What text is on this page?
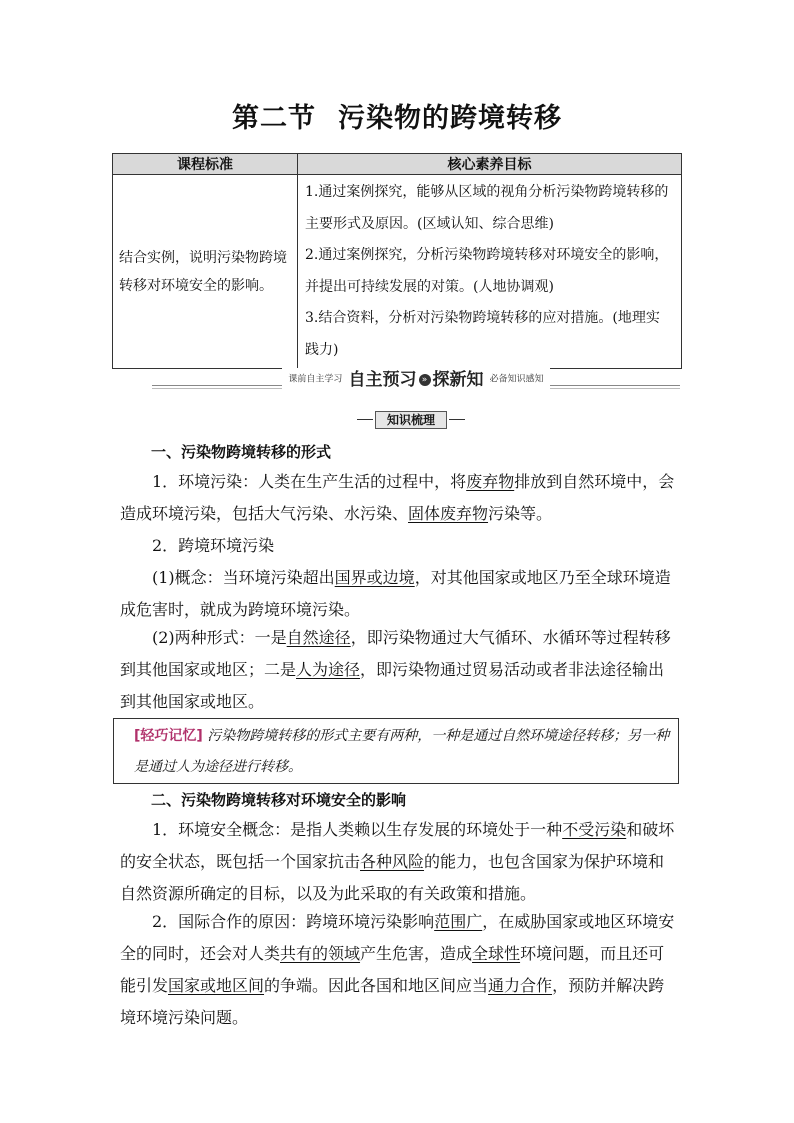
第二节 污染物的跨境转移
课程标准	核心素养目标
结合实例，说明污染物跨境转移对环境安全的影响。	1.通过案例探究，能够从区域的视角分析污染物跨境转移的主要形式及原因。(区域认知、综合思维)
2.通过案例探究，分析污染物跨境转移对环境安全的影响，并提出可持续发展的对策。(人地协调观)
3.结合资料，分析对污染物跨境转移的应对措施。(地理实践力)
课前自主学习 自主预习 » 探新知 必备知识感知
知识梳理
一、污染物跨境转移的形式
1．环境污染：人类在生产生活的过程中，将废弃物排放到自然环境中，会造成环境污染，包括大气污染、水污染、固体废弃物污染等。
2．跨境环境污染
(1)概念：当环境污染超出国界或边境，对其他国家或地区乃至全球环境造成危害时，就成为跨境环境污染。
(2)两种形式：一是自然途径，即污染物通过大气循环、水循环等过程转移到其他国家或地区；二是人为途径，即污染物通过贸易活动或者非法途径输出到其他国家或地区。
[轻巧记忆] 污染物跨境转移的形式主要有两种，一种是通过自然环境途径转移；另一种是通过人为途径进行转移。
二、污染物跨境转移对环境安全的影响
1．环境安全概念：是指人类赖以生存发展的环境处于一种不受污染和破坏的安全状态，既包括一个国家抗击各种风险的能力，也包含国家为保护环境和自然资源所确定的目标，以及为此采取的有关政策和措施。
2．国际合作的原因：跨境环境污染影响范围广，在威胁国家或地区环境安全的同时，还会对人类共有的领域产生危害，造成全球性环境问题，而且还可能引发国家或地区间的争端。因此各国和地区间应当通力合作，预防并解决跨境环境污染问题。
